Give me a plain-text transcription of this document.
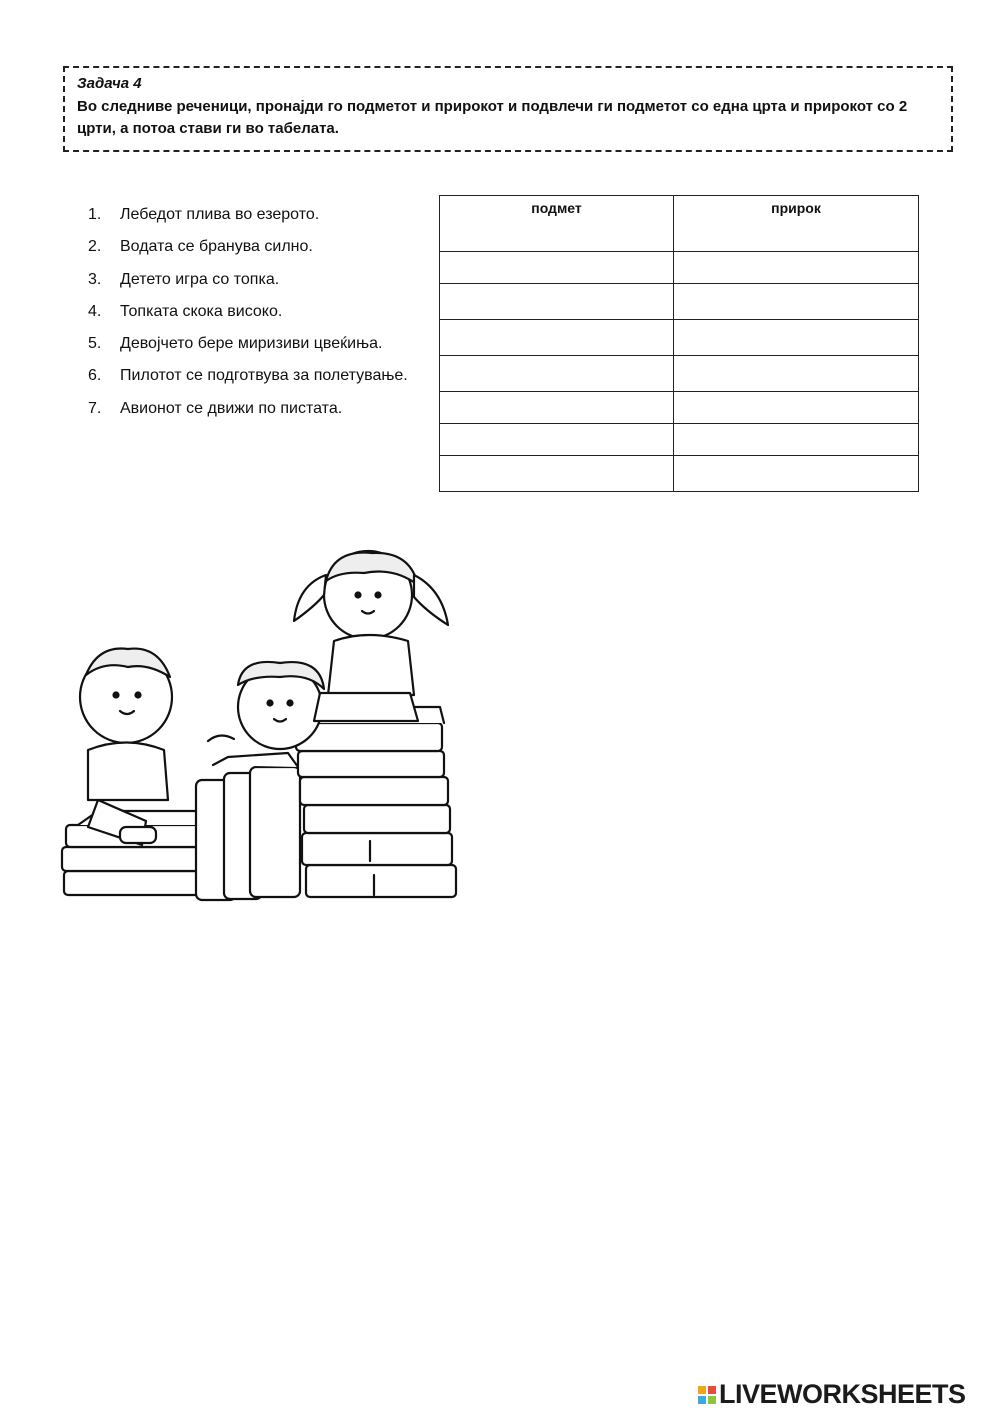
Задача 4
Во следниве реченици, пронајди го подметот и прирокот и подвлечи ги подметот со една црта и прирокот со 2 црти, а потоа стави ги во табелата.
1. Лебедот плива во езерото.
2. Водата се бранува силно.
3. Детето игра со топка.
4. Топката скока високо.
5. Девојчето бере миризиви цвеќиња.
6. Пилотот се подготвува за полетување.
7. Авионот се движи по пистата.
подмет	прирок

LIVEWORKSHEETS
